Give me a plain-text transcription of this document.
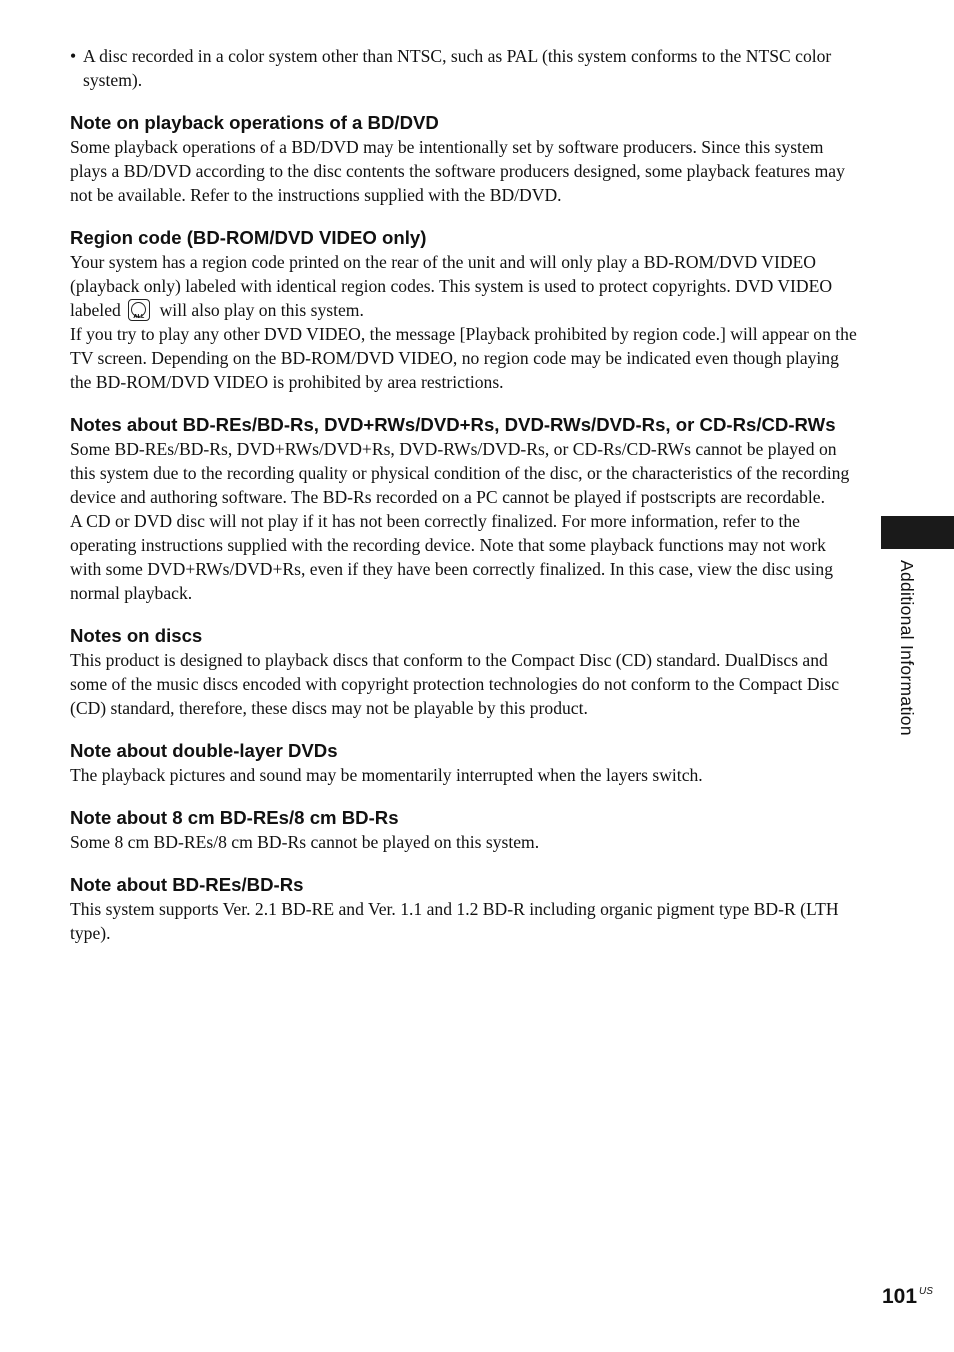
• A disc recorded in a color system other than NTSC, such as PAL (this system conforms to the NTSC color system).
Note on playback operations of a BD/DVD

Some playback operations of a BD/DVD may be intentionally set by software producers. Since this system plays a BD/DVD according to the disc contents the software producers designed, some playback features may not be available. Refer to the instructions supplied with the BD/DVD.

Region code (BD-ROM/DVD VIDEO only)

Your system has a region code printed on the rear of the unit and will only play a BD-ROM/DVD VIDEO (playback only) labeled with identical region codes. This system is used to protect copyrights. DVD VIDEO labeled	ALL will also play on this system.

If you try to play any other DVD VIDEO, the message [Playback prohibited by region code.] will appear on the TV screen. Depending on the BD-ROM/DVD VIDEO, no region code may be indicated even though playing the BD-ROM/DVD VIDEO is prohibited by area restrictions.

Notes about BD-REs/BD-Rs, DVD+RWs/DVD+Rs, DVD-RWs/DVD-Rs, or CD-Rs/CD-RWs

Some BD-REs/BD-Rs, DVD+RWs/DVD+Rs, DVD-RWs/DVD-Rs, or CD-Rs/CD-RWs cannot be played on this system due to the recording quality or physical condition of the disc, or the characteristics of the recording device and authoring software. The BD-Rs recorded on a PC cannot be played if postscripts are recordable.

A CD or DVD disc will not play if it has not been correctly finalized. For more information, refer to the operating instructions supplied with the recording device. Note that some playback functions may not work with some DVD+RWs/DVD+Rs, even if they have been correctly finalized. In this case, view the disc using normal playback.

Notes on discs

This product is designed to playback discs that conform to the Compact Disc (CD) standard. DualDiscs and some of the music discs encoded with copyright protection technologies do not conform to the Compact Disc (CD) standard, therefore, these discs may not be playable by this product.

Note about double-layer DVDs

The playback pictures and sound may be momentarily interrupted when the layers switch.

Note about 8 cm BD-REs/8 cm BD-Rs

Some 8 cm BD-REs/8 cm BD-Rs cannot be played on this system.

Note about BD-REs/BD-Rs

This system supports Ver. 2.1 BD-RE and Ver. 1.1 and 1.2 BD-R including organic pigment type BD-R (LTH type).

Additional Information
101 $^{US}$
